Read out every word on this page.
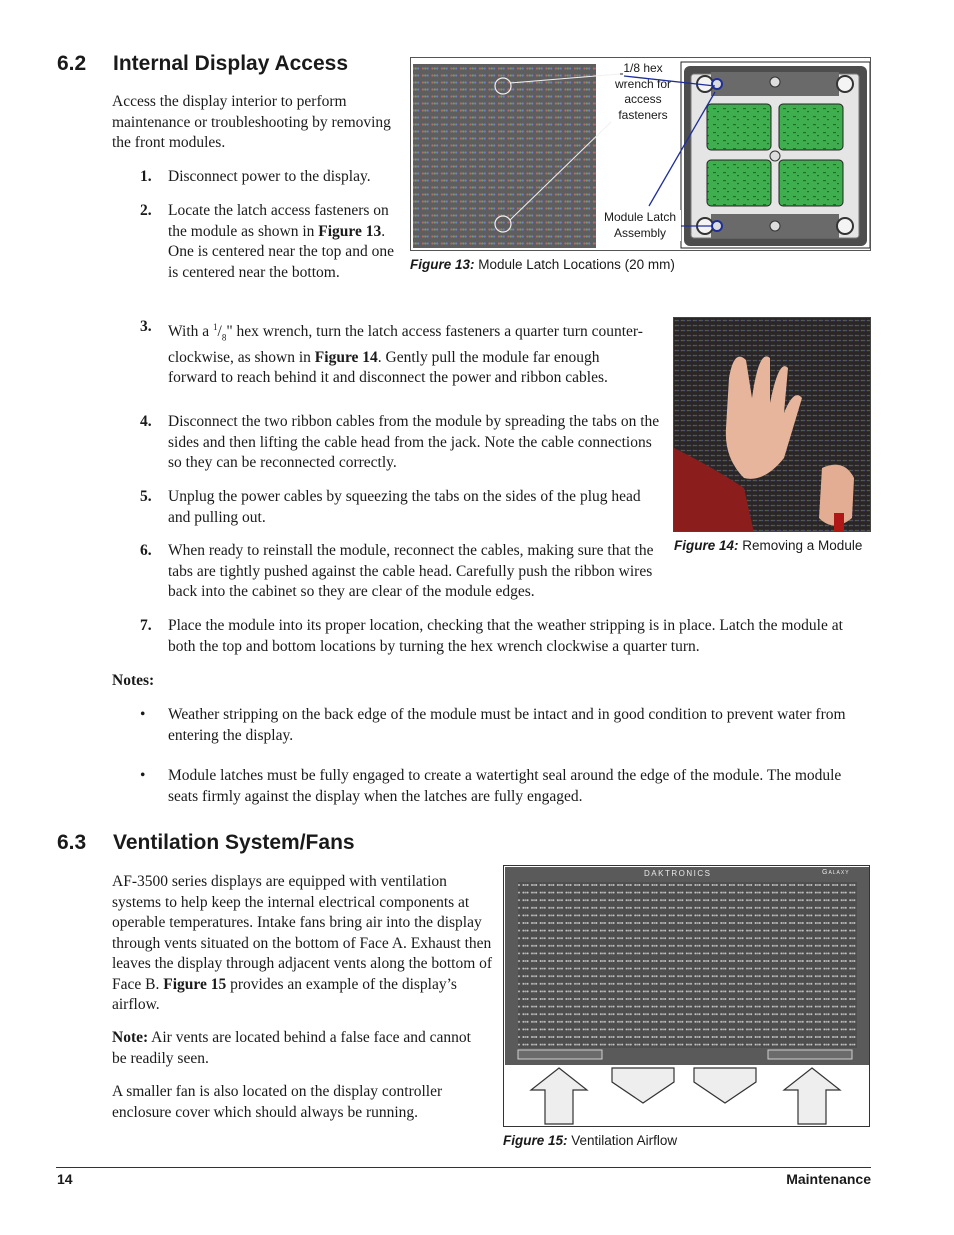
6.2 Internal Display Access
Access the display interior to perform maintenance or troubleshooting by removing the front modules.
1. Disconnect power to the display.
2. Locate the latch access fasteners on the module as shown in Figure 13. One is centered near the top and one is centered near the bottom.
3. With a $^1/_8$" hex wrench, turn the latch access fasteners a quarter turn counter-clockwise, as shown in Figure 14. Gently pull the module far enough forward to reach behind it and disconnect the power and ribbon cables.
4. Disconnect the two ribbon cables from the module by spreading the tabs on the sides and then lifting the cable head from the jack. Note the cable connections so they can be reconnected correctly.
5. Unplug the power cables by squeezing the tabs on the sides of the plug head and pulling out.
6. When ready to reinstall the module, reconnect the cables, making sure that the tabs are tightly pushed against the cable head. Carefully push the ribbon wires back into the cabinet so they are clear of the module edges.
7. Place the module into its proper location, checking that the weather stripping is in place. Latch the module at both the top and bottom locations by turning the hex wrench clockwise a quarter turn.
Notes:
• Weather stripping on the back edge of the module must be intact and in good condition to prevent water from entering the display.
• Module latches must be fully engaged to create a watertight seal around the edge of the module. The module seats firmly against the display when the latches are fully engaged.
1/8 hex wrench for access fasteners
Module Latch Assembly
Figure 13: Module Latch Locations (20 mm)
Figure 14: Removing a Module
6.3 Ventilation System/Fans
AF-3500 series displays are equipped with ventilation systems to help keep the internal electrical components at operable temperatures. Intake fans bring air into the display through vents situated on the bottom of Face A. Exhaust then leaves the display through adjacent vents along the bottom of Face B. Figure 15 provides an example of the display’s airflow.
Note: Air vents are located behind a false face and cannot be readily seen.
A smaller fan is also located on the display controller enclosure cover which should always be running.
DAKTRONICS	Galaxy
Figure 15: Ventilation Airflow
14	Maintenance
